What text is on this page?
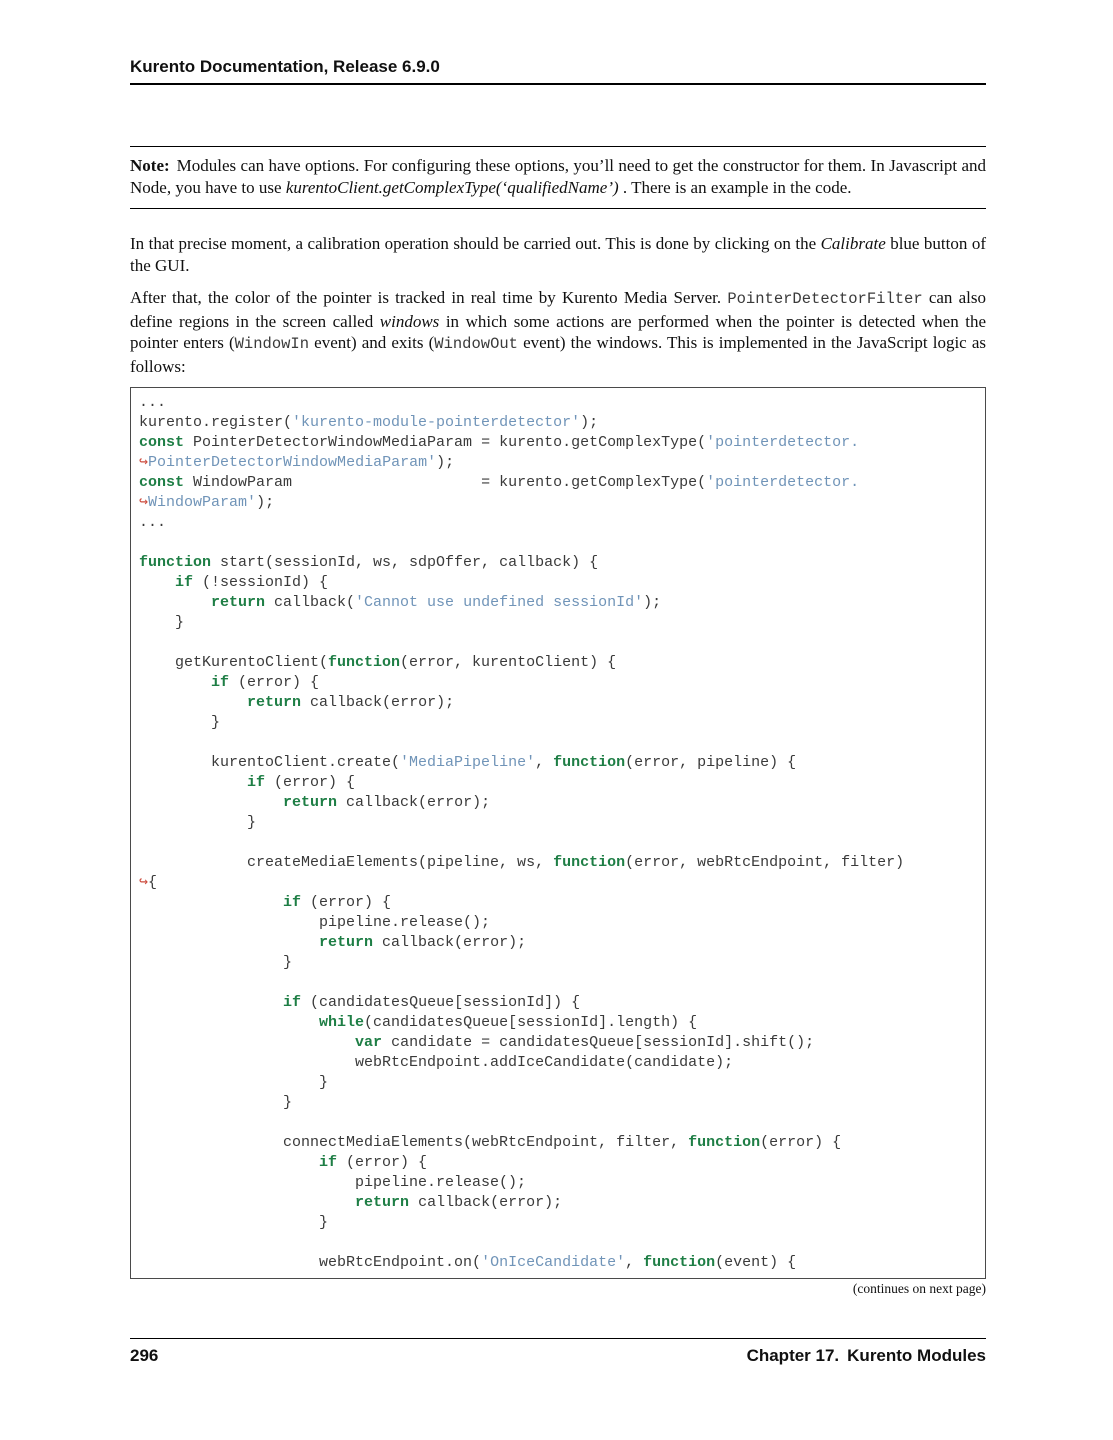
Kurento Documentation, Release 6.9.0
Note: Modules can have options. For configuring these options, you’ll need to get the constructor for them. In Javascript and Node, you have to use kurentoClient.getComplexType(‘qualifiedName’) . There is an example in the code.

In that precise moment, a calibration operation should be carried out. This is done by clicking on the Calibrate blue button of the GUI.

After that, the color of the pointer is tracked in real time by Kurento Media Server. PointerDetectorFilter can also define regions in the screen called windows in which some actions are performed when the pointer is detected when the pointer enters (WindowIn event) and exits (WindowOut event) the windows. This is implemented in the JavaScript logic as follows:

...
kurento.register('kurento-module-pointerdetector');
const PointerDetectorWindowMediaParam = kurento.getComplexType('pointerdetector.
↪PointerDetectorWindowMediaParam');
const WindowParam                     = kurento.getComplexType('pointerdetector.
↪WindowParam');
...

function start(sessionId, ws, sdpOffer, callback) {
if (!sessionId) {
return callback('Cannot use undefined sessionId');
}

getKurentoClient(function(error, kurentoClient) {
if (error) {
return callback(error);
}

kurentoClient.create('MediaPipeline', function(error, pipeline) {
if (error) {
return callback(error);
}

createMediaElements(pipeline, ws, function(error, webRtcEndpoint, filter)
↪{
if (error) {
pipeline.release();
return callback(error);
}

if (candidatesQueue[sessionId]) {
while(candidatesQueue[sessionId].length) {
var candidate = candidatesQueue[sessionId].shift();
webRtcEndpoint.addIceCandidate(candidate);
}
}

connectMediaElements(webRtcEndpoint, filter, function(error) {
if (error) {
pipeline.release();
return callback(error);
}

webRtcEndpoint.on('OnIceCandidate', function(event) {
(continues on next page)
296	Chapter 17. Kurento Modules
